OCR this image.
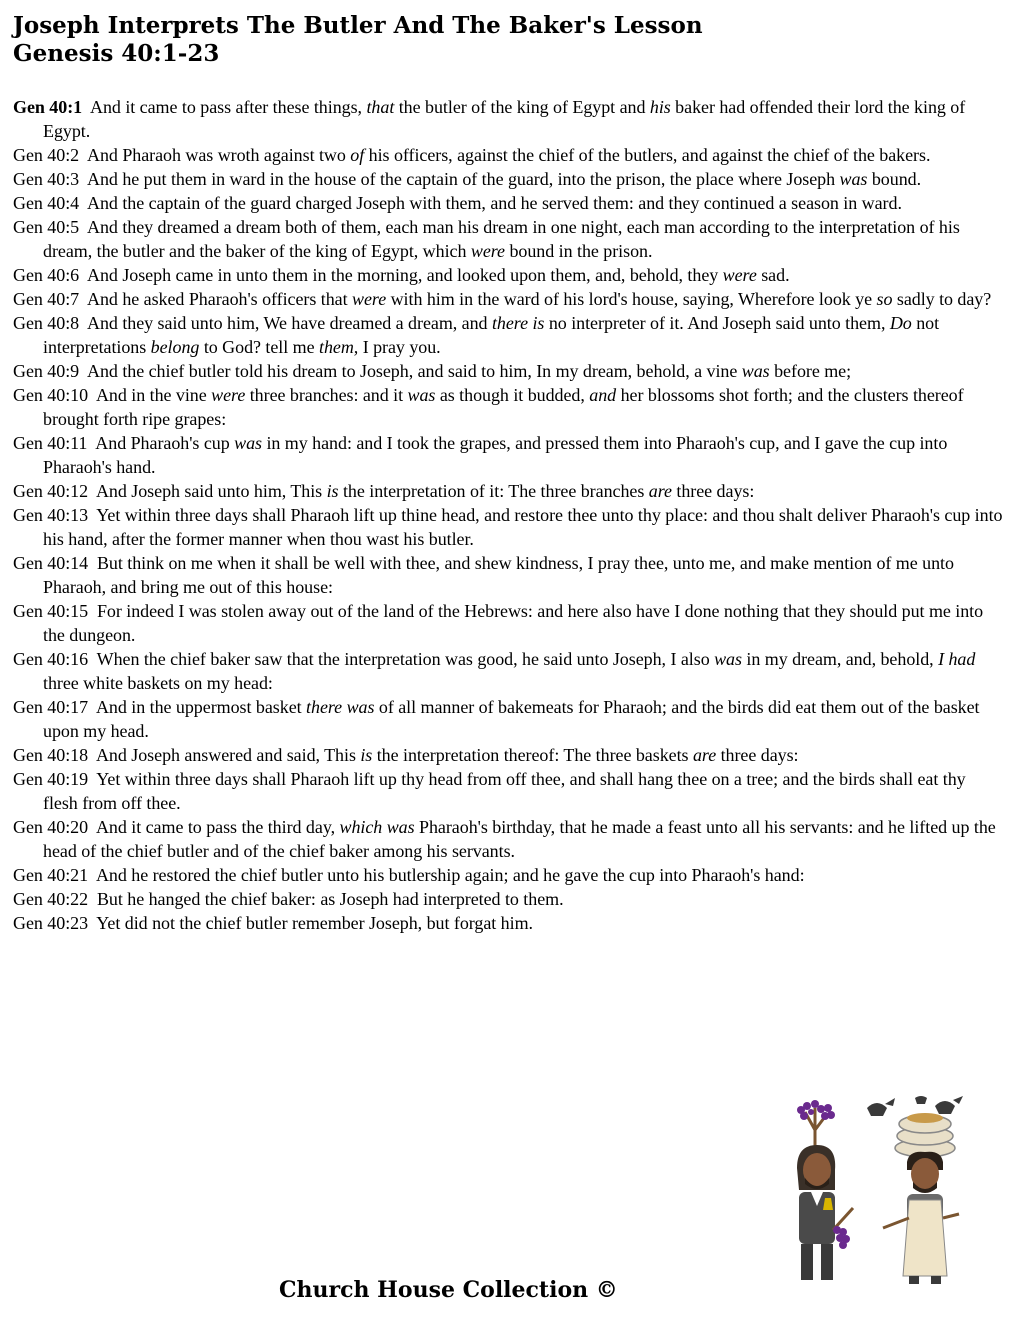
Joseph Interprets The Butler And The Baker's Lesson
Genesis 40:1-23
Gen 40:1 And it came to pass after these things, that the butler of the king of Egypt and his baker had offended their lord the king of Egypt.
Gen 40:2 And Pharaoh was wroth against two of his officers, against the chief of the butlers, and against the chief of the bakers.
Gen 40:3 And he put them in ward in the house of the captain of the guard, into the prison, the place where Joseph was bound.
Gen 40:4 And the captain of the guard charged Joseph with them, and he served them: and they continued a season in ward.
Gen 40:5 And they dreamed a dream both of them, each man his dream in one night, each man according to the interpretation of his dream, the butler and the baker of the king of Egypt, which were bound in the prison.
Gen 40:6 And Joseph came in unto them in the morning, and looked upon them, and, behold, they were sad.
Gen 40:7 And he asked Pharaoh's officers that were with him in the ward of his lord's house, saying, Wherefore look ye so sadly to day?
Gen 40:8 And they said unto him, We have dreamed a dream, and there is no interpreter of it. And Joseph said unto them, Do not interpretations belong to God? tell me them, I pray you.
Gen 40:9 And the chief butler told his dream to Joseph, and said to him, In my dream, behold, a vine was before me;
Gen 40:10 And in the vine were three branches: and it was as though it budded, and her blossoms shot forth; and the clusters thereof brought forth ripe grapes:
Gen 40:11 And Pharaoh's cup was in my hand: and I took the grapes, and pressed them into Pharaoh's cup, and I gave the cup into Pharaoh's hand.
Gen 40:12 And Joseph said unto him, This is the interpretation of it: The three branches are three days:
Gen 40:13 Yet within three days shall Pharaoh lift up thine head, and restore thee unto thy place: and thou shalt deliver Pharaoh's cup into his hand, after the former manner when thou wast his butler.
Gen 40:14 But think on me when it shall be well with thee, and shew kindness, I pray thee, unto me, and make mention of me unto Pharaoh, and bring me out of this house:
Gen 40:15 For indeed I was stolen away out of the land of the Hebrews: and here also have I done nothing that they should put me into the dungeon.
Gen 40:16 When the chief baker saw that the interpretation was good, he said unto Joseph, I also was in my dream, and, behold, I had three white baskets on my head:
Gen 40:17 And in the uppermost basket there was of all manner of bakemeats for Pharaoh; and the birds did eat them out of the basket upon my head.
Gen 40:18 And Joseph answered and said, This is the interpretation thereof: The three baskets are three days:
Gen 40:19 Yet within three days shall Pharaoh lift up thy head from off thee, and shall hang thee on a tree; and the birds shall eat thy flesh from off thee.
Gen 40:20 And it came to pass the third day, which was Pharaoh's birthday, that he made a feast unto all his servants: and he lifted up the head of the chief butler and of the chief baker among his servants.
Gen 40:21 And he restored the chief butler unto his butlership again; and he gave the cup into Pharaoh's hand:
Gen 40:22 But he hanged the chief baker: as Joseph had interpreted to them.
Gen 40:23 Yet did not the chief butler remember Joseph, but forgat him.
Church House Collection ©
